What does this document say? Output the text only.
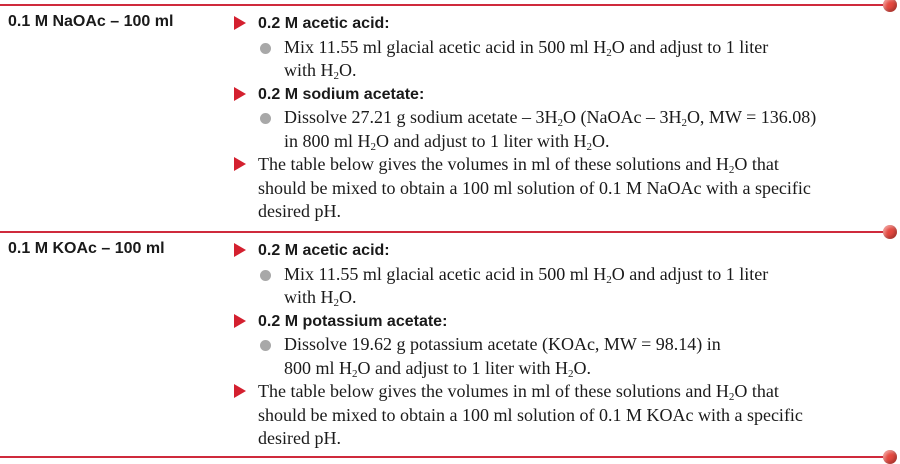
0.1 M NaOAc – 100 ml	0.2 M acetic acid:
Mix 11.55 ml glacial acetic acid in 500 ml $H_2O$ and adjust to 1 liter
with $H_2O$.
0.2 M sodium acetate:
Dissolve 27.21 g sodium acetate – $3H_2O$ (NaOAc – $3H_2O$, MW = 136.08)
in 800 ml $H_2O$ and adjust to 1 liter with $H_2O$.
The table below gives the volumes in ml of these solutions and $H_2O$ that
should be mixed to obtain a 100 ml solution of 0.1 M NaOAc with a specific
desired pH.
0.1 M KOAc – 100 ml	0.2 M acetic acid:
Mix 11.55 ml glacial acetic acid in 500 ml $H_2O$ and adjust to 1 liter
with $H_2O$.
0.2 M potassium acetate:
Dissolve 19.62 g potassium acetate (KOAc, MW = 98.14) in
800 ml $H_2O$ and adjust to 1 liter with $H_2O$.
The table below gives the volumes in ml of these solutions and $H_2O$ that
should be mixed to obtain a 100 ml solution of 0.1 M KOAc with a specific
desired pH.
